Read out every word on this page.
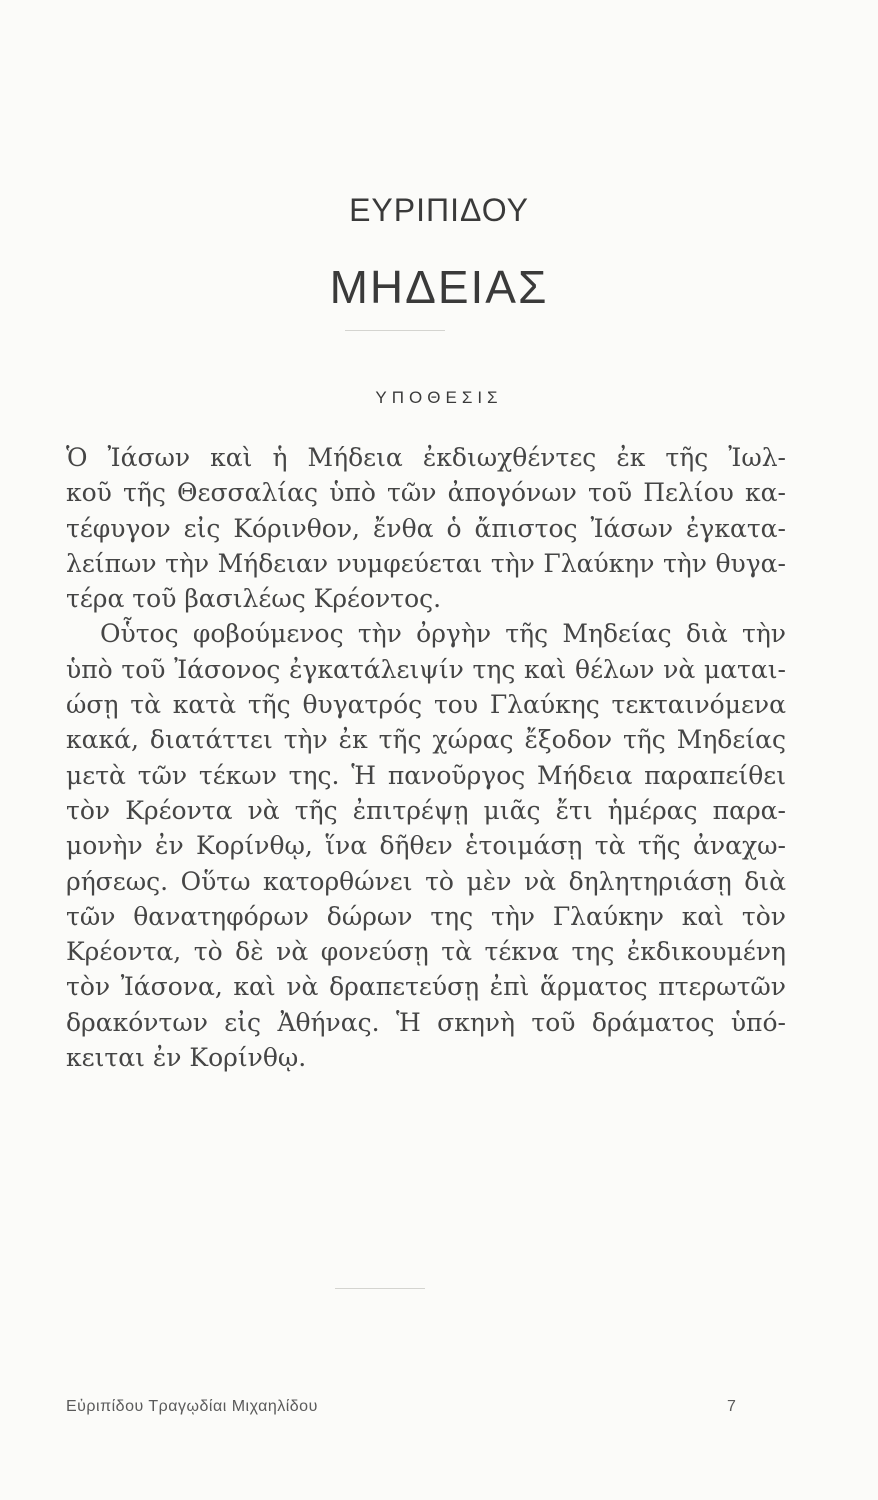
ΕΥΡΙΠΙΔΟΥ
ΜΗΔΕΙΑΣ
ΥΠΟΘΕΣΙΣ
Ὁ Ἰάσων καὶ ἡ Μήδεια ἐκδιωχθέντες ἐκ τῆς Ἰωλ-
κοῦ τῆς Θεσσαλίας ὑπὸ τῶν ἀπογόνων τοῦ Πελίου κα-
τέφυγον εἰς Κόρινθον, ἔνθα ὁ ἄπιστος Ἰάσων ἐγκατα-
λείπων τὴν Μήδειαν νυμφεύεται τὴν Γλαύκην τὴν θυγα-
τέρα τοῦ βασιλέως Κρέοντος.
Οὗτος φοβούμενος τὴν ὀργὴν τῆς Μηδείας διὰ τὴν
ὑπὸ τοῦ Ἰάσονος ἐγκατάλειψίν της καὶ θέλων νὰ μαται-
ώσῃ τὰ κατὰ τῆς θυγατρός του Γλαύκης τεκταινόμενα
κακά, διατάττει τὴν ἐκ τῆς χώρας ἔξοδον τῆς Μηδείας
μετὰ τῶν τέκων της. Ἡ πανοῦργος Μήδεια παραπείθει
τὸν Κρέοντα νὰ τῆς ἐπιτρέψῃ μιᾶς ἔτι ἡμέρας παρα-
μονὴν ἐν Κορίνθῳ, ἵνα δῆθεν ἑτοιμάσῃ τὰ τῆς ἀναχω-
ρήσεως. Οὕτω κατορθώνει τὸ μὲν νὰ δηλητηριάσῃ διὰ
τῶν θανατηφόρων δώρων της τὴν Γλαύκην καὶ τὸν
Κρέοντα, τὸ δὲ νὰ φονεύσῃ τὰ τέκνα της ἐκδικουμένη
τὸν Ἰάσονα, καὶ νὰ δραπετεύσῃ ἐπὶ ἅρματος πτερωτῶν
δρακόντων εἰς Ἀθήνας. Ἡ σκηνὴ τοῦ δράματος ὑπό-
κειται ἐν Κορίνθῳ.
Εὐριπίδου Τραγῳδίαι Μιχαηλίδου	7
